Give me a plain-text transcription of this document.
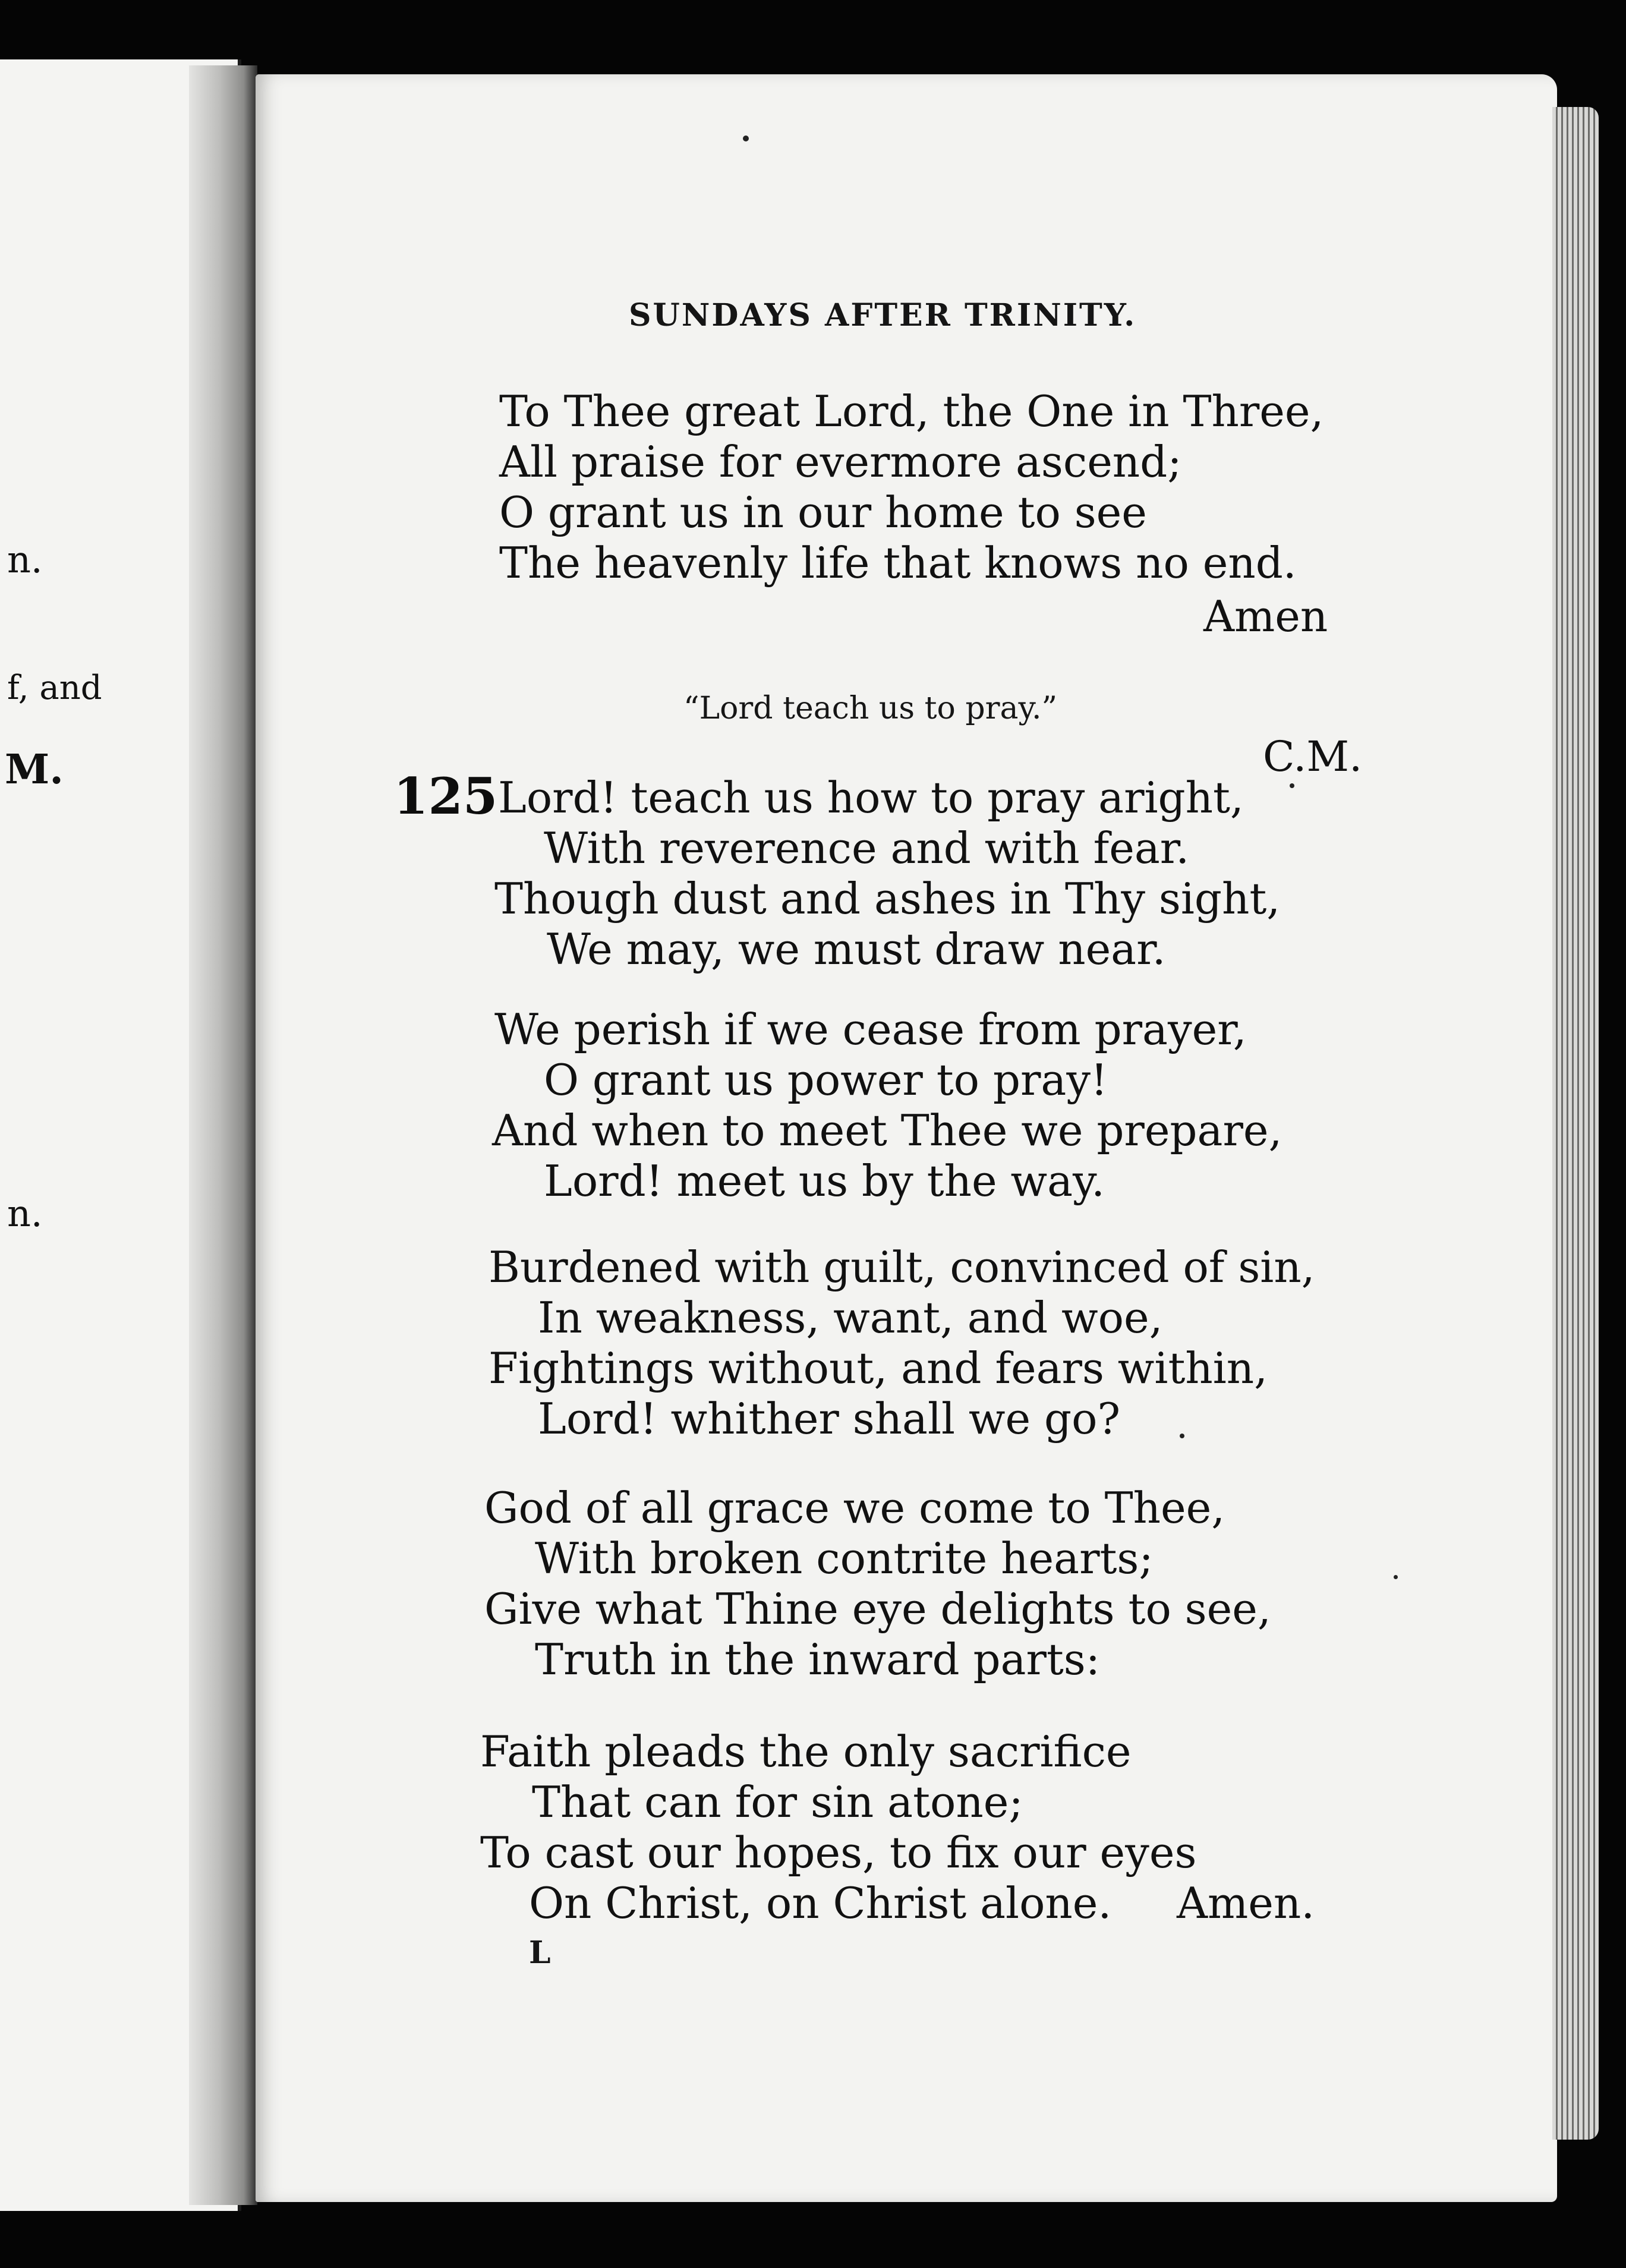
n.
f, and
M.
n.
SUNDAYS AFTER TRINITY.
To Thee great Lord, the One in Three,
All praise for evermore ascend;
O grant us in our home to see
The heavenly life that knows no end.
Amen
“Lord teach us to pray.”
C.M.
125 Lord! teach us how to pray aright,
With reverence and with fear.
Though dust and ashes in Thy sight,
We may, we must draw near.
We perish if we cease from prayer,
O grant us power to pray!
And when to meet Thee we prepare,
Lord! meet us by the way.
Burdened with guilt, convinced of sin,
In weakness, want, and woe,
Fightings without, and fears within,
Lord! whither shall we go?
God of all grace we come to Thee,
With broken contrite hearts;
Give what Thine eye delights to see,
Truth in the inward parts:
Faith pleads the only sacrifice
That can for sin atone;
To cast our hopes, to fix our eyes
On Christ, on Christ alone. Amen.
L
